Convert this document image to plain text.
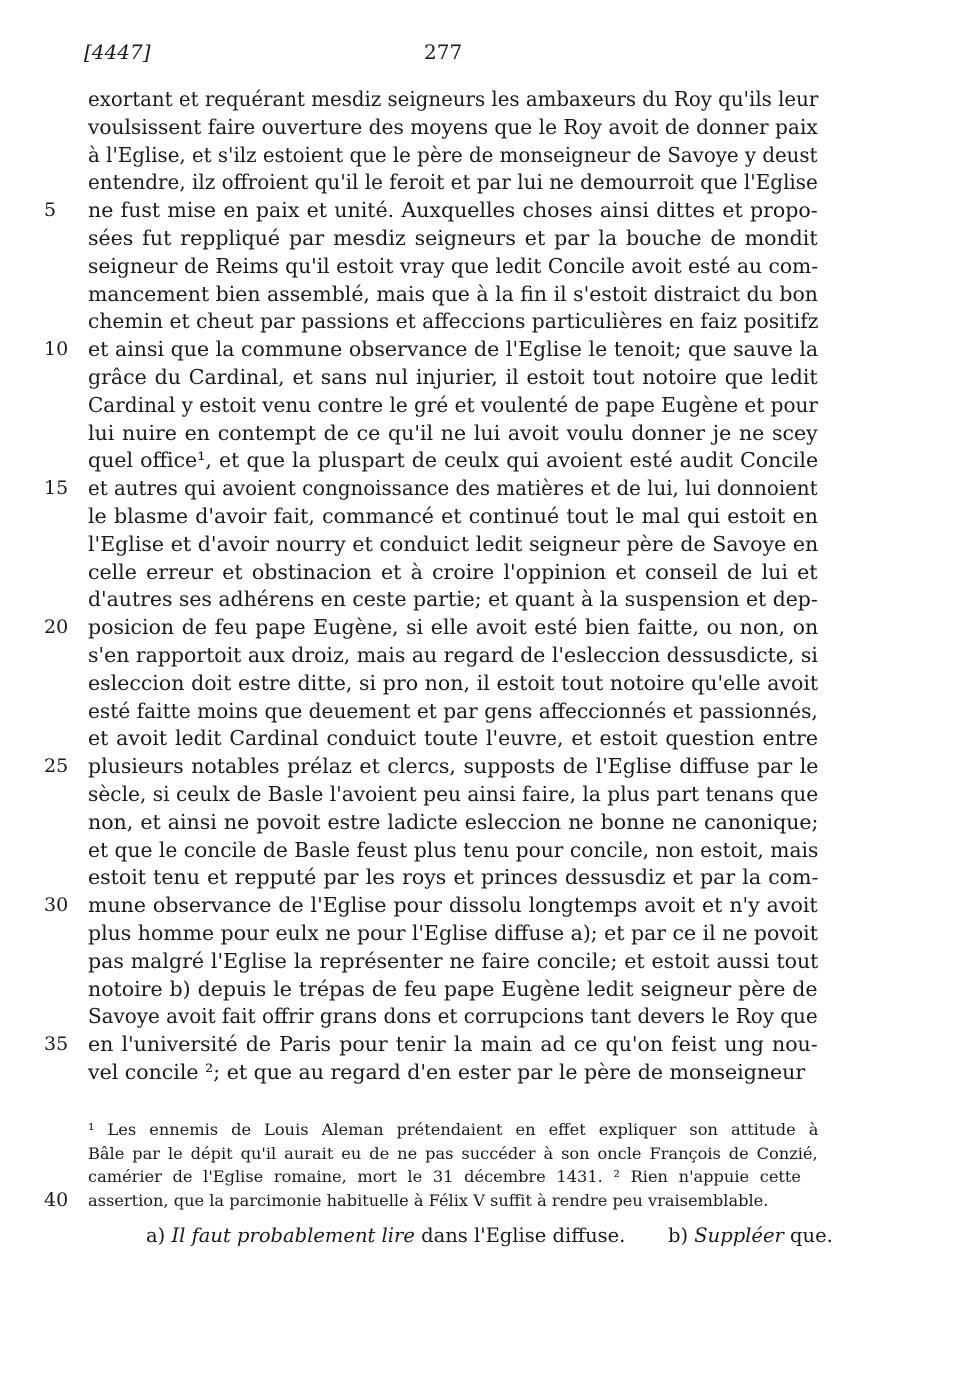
[4447]	277
exortant et requérant mesdiz seigneurs les ambaxeurs du Roy qu'ils leur
voulsissent faire ouverture des moyens que le Roy avoit de donner paix
à l'Eglise, et s'ilz estoient que le père de monseigneur de Savoye y deust
entendre, ilz offroient qu'il le feroit et par lui ne demourroit que l'Eglise
5	ne fust mise en paix et unité. Auxquelles choses ainsi dittes et propo-
sées fut repplіqué par mesdiz seigneurs et par la bouche de mondit
seigneur de Reims qu'il estoit vray que ledit Concile avoit esté au com-
mancement bien assemblé, mais que à la fin il s'estoit distraict du bon
chemin et cheut par passions et affeccions particulières en faiz positifz
10 et ainsi que la commune observance de l'Eglise le tenoit; que sauve la
grâce du Cardinal, et sans nul injurier, il estoit tout notoire que ledit
Cardinal y estoit venu contre le gré et voulenté de pape Eugène et pour
lui nuire en contempt de ce qu'il ne lui avoit voulu donner je ne scey
quel office¹, et que la pluspart de ceulx qui avoient esté audit Concile
15 et autres qui avoient congnoissance des matières et de lui, lui donnoient
le blasme d'avoir fait, commancé et continué tout le mal qui estoit en
l'Eglise et d'avoir nourry et conduict ledit seigneur père de Savoye en
celle erreur et obstinacion et à croire l'oppinion et conseil de lui et
d'autres ses adhérens en ceste partie; et quant à la suspension et dep-
20 posicion de feu pape Eugène, si elle avoit esté bien faitte, ou non, on
s'en rapportoit aux droiz, mais au regard de l'esleccion dessusdicte, si
esleccion doit estre ditte, si pro non, il estoit tout notoire qu'elle avoit
esté faitte moins que deuement et par gens affeccionnés et passionnés,
et avoit ledit Cardinal conduict toute l'euvre, et estoit question entre
25 plusieurs notables prélaz et clercs, supposts de l'Eglise diffuse par le
sècle, si ceulx de Basle l'avoient peu ainsi faire, la plus part tenans que
non, et ainsi ne povoit estre ladicte esleccion ne bonne ne canonique;
et que le concile de Basle feust plus tenu pour concile, non estoit, mais
estoit tenu et repputé par les roys et princes dessusdiz et par la com-
30 mune observance de l'Eglise pour dissolu longtemps avoit et n'y avoit
plus homme pour eulx ne pour l'Eglise diffuse a); et par ce il ne povoit
pas malgré l'Eglise la représenter ne faire concile; et estoit aussi tout
notoire b) depuis le trépas de feu pape Eugène ledit seigneur père de
Savoye avoit fait offrir grans dons et corrupcions tant devers le Roy que
35 en l'université de Paris pour tenir la main ad ce qu'on feist ung nou-
vel concile ²; et que au regard d'en ester par le père de monseigneur
¹ Les ennemis de Louis Aleman prétendaient en effet expliquer son attitude à
Bâle par le dépit qu'il aurait eu de ne pas succéder à son oncle François de Conzié,
camérier de l'Eglise romaine, mort le 31 décembre 1431. ² Rien n'appuie cette
40 assertion, que la parcimonie habituelle à Félix V suffit à rendre peu vraisemblable.
a) Il faut probablement lire dans l'Eglise diffuse. b) Suppléer que.
